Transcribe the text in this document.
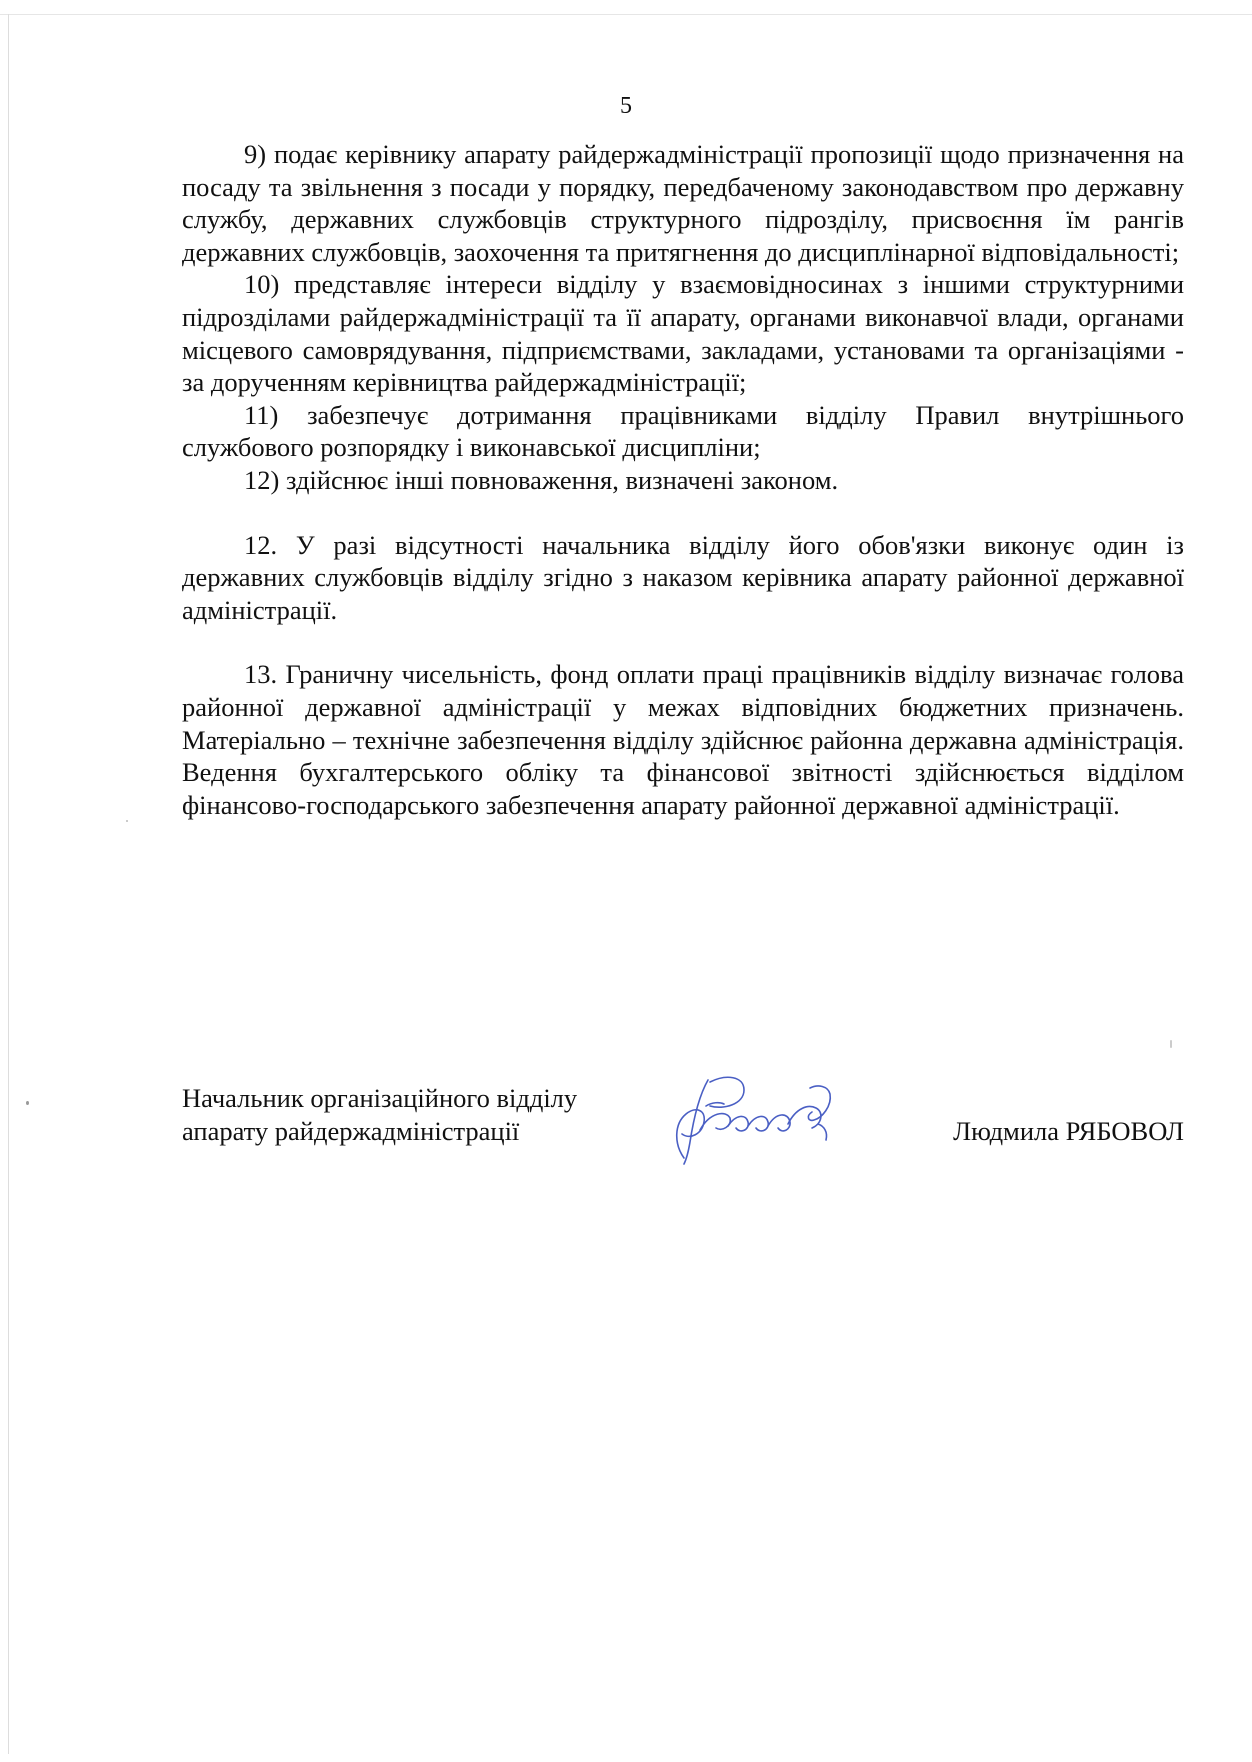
5

9) подає керівнику апарату райдержадміністрації пропозиції щодо призначення на посаду та звільнення з посади у порядку, передбаченому законодавством про державну службу, державних службовців структурного підрозділу, присвоєння їм рангів державних службовців, заохочення та притягнення до дисциплінарної відповідальності;

10) представляє інтереси відділу у взаємовідносинах з іншими структурними підрозділами райдержадміністрації та її апарату, органами виконавчої влади, органами місцевого самоврядування, підприємствами, закладами, установами та організаціями - за дорученням керівництва райдержадміністрації;

11) забезпечує дотримання працівниками відділу Правил внутрішнього службового розпорядку і виконавської дисципліни;

12) здійснює інші повноваження, визначені законом.

12. У разі відсутності начальника відділу його обов'язки виконує один із державних службовців відділу згідно з наказом керівника апарату районної державної адміністрації.

13. Граничну чисельність, фонд оплати праці працівників відділу визначає голова районної державної адміністрації у межах відповідних бюджетних призначень. Матеріально – технічне забезпечення відділу здійснює районна державна адміністрація. Ведення бухгалтерського обліку та фінансової звітності здійснюється відділом фінансово-господарського забезпечення апарату районної державної адміністрації.

Начальник організаційного відділу
апарату райдержадміністрації	Людмила РЯБОВОЛ
